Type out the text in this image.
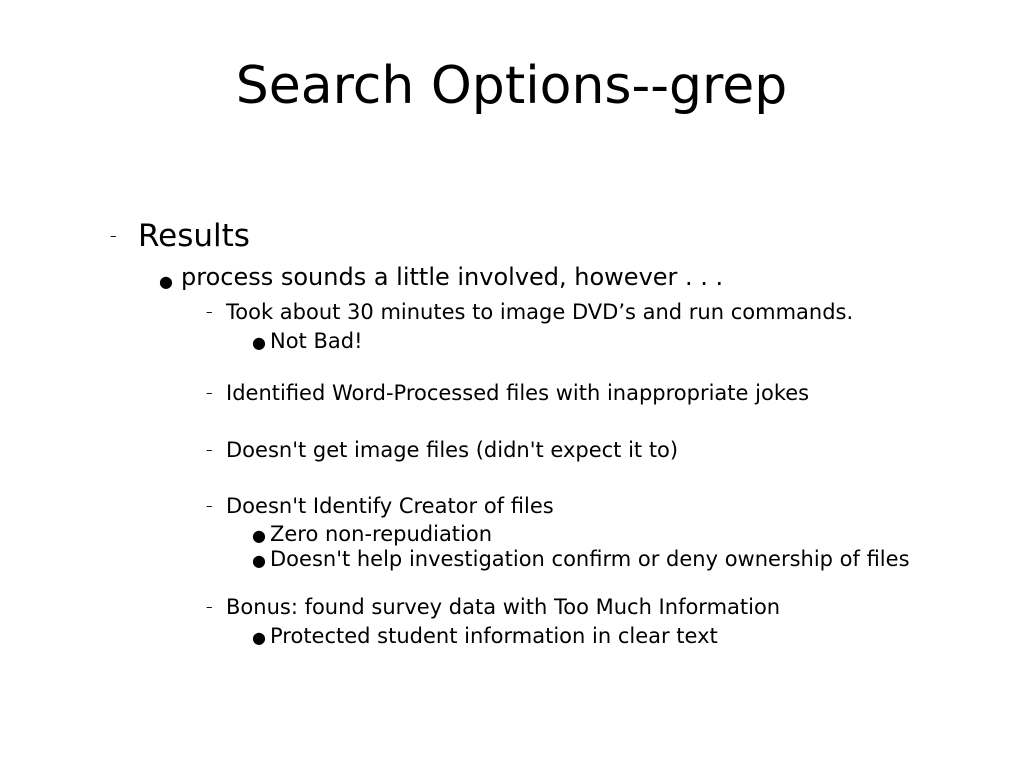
Search Options--grep
– Results
● process sounds a little involved, however . . .
– Took about 30 minutes to image DVD’s and run commands.
● Not Bad!
– Identified Word-Processed files with inappropriate jokes
– Doesn't get image files (didn't expect it to)
– Doesn't Identify Creator of files
● Zero non-repudiation
● Doesn't help investigation confirm or deny ownership of files
– Bonus: found survey data with Too Much Information
● Protected student information in clear text
